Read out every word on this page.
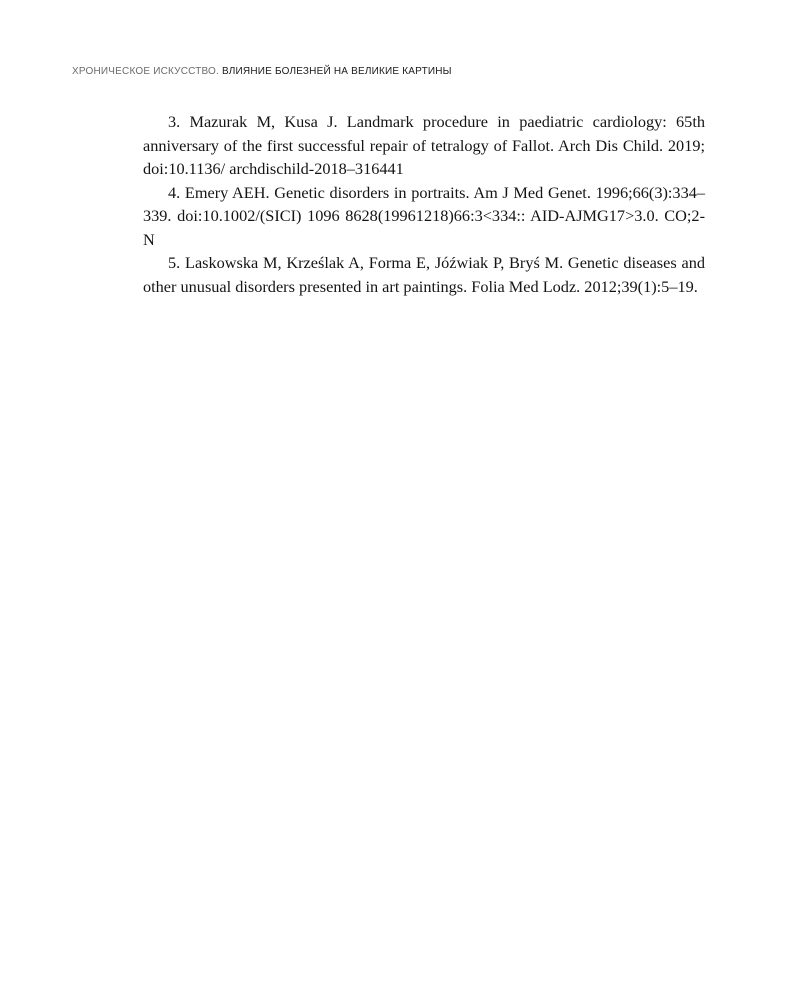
ХРОНИЧЕСКОЕ ИСКУССТВО. ВЛИЯНИЕ БОЛЕЗНЕЙ НА ВЕЛИКИЕ КАРТИНЫ

3. Mazurak M, Kusa J. Landmark procedure in paediatric cardiology: 65th anniversary of the first successful repair of tetralogy of Fallot. Arch Dis Child. 2019; doi:10.1136/ archdischild-2018–316441

4. Emery AEH. Genetic disorders in portraits. Am J Med Genet. 1996;66(3):334–339. doi:10.1002/(SICI) 1096 8628(19961218)66:3<334:: AID-AJMG17>3.0. CO;2-N

5. Laskowska M, Krześlak A, Forma E, Jóźwiak P, Bryś M. Genetic diseases and other unusual disorders presented in art paintings. Folia Med Lodz. 2012;39(1):5–19.
